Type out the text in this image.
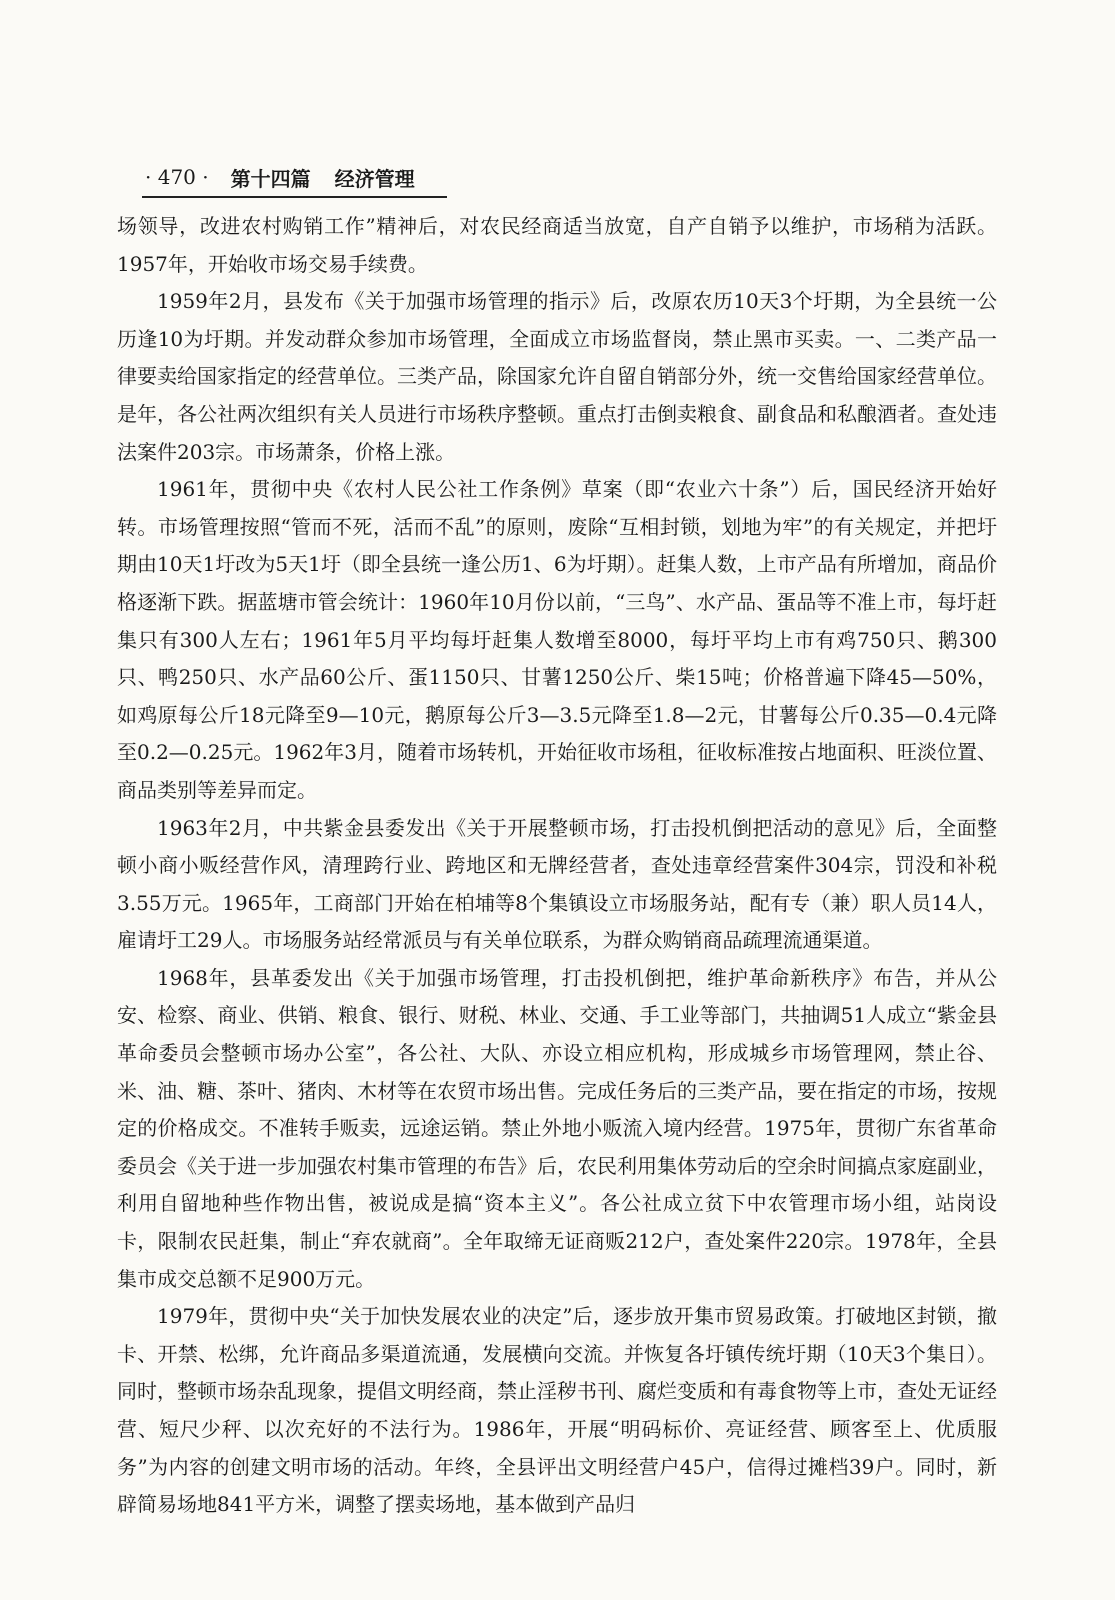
· 470 · 第十四篇 经济管理

场领导，改进农村购销工作”精神后，对农民经商适当放宽，自产自销予以维护，市场稍为活跃。1957年，开始收市场交易手续费。

1959年2月，县发布《关于加强市场管理的指示》后，改原农历10天3个圩期，为全县统一公历逢10为圩期。并发动群众参加市场管理，全面成立市场监督岗，禁止黑市买卖。一、二类产品一律要卖给国家指定的经营单位。三类产品，除国家允许自留自销部分外，统一交售给国家经营单位。是年，各公社两次组织有关人员进行市场秩序整顿。重点打击倒卖粮食、副食品和私酿酒者。查处违法案件203宗。市场萧条，价格上涨。

1961年，贯彻中央《农村人民公社工作条例》草案（即“农业六十条”）后，国民经济开始好转。市场管理按照“管而不死，活而不乱”的原则，废除“互相封锁，划地为牢”的有关规定，并把圩期由10天1圩改为5天1圩（即全县统一逢公历1、6为圩期）。赶集人数，上市产品有所增加，商品价格逐渐下跌。据蓝塘市管会统计：1960年10月份以前，“三鸟”、水产品、蛋品等不准上市，每圩赶集只有300人左右；1961年5月平均每圩赶集人数增至8000，每圩平均上市有鸡750只、鹅300只、鸭250只、水产品60公斤、蛋1150只、甘薯1250公斤、柴15吨；价格普遍下降45—50%，如鸡原每公斤18元降至9—10元，鹅原每公斤3—3.5元降至1.8—2元，甘薯每公斤0.35—0.4元降至0.2—0.25元。1962年3月，随着市场转机，开始征收市场租，征收标准按占地面积、旺淡位置、商品类别等差异而定。

1963年2月，中共紫金县委发出《关于开展整顿市场，打击投机倒把活动的意见》后，全面整顿小商小贩经营作风，清理跨行业、跨地区和无牌经营者，查处违章经营案件304宗，罚没和补税3.55万元。1965年，工商部门开始在柏埔等8个集镇设立市场服务站，配有专（兼）职人员14人，雇请圩工29人。市场服务站经常派员与有关单位联系，为群众购销商品疏理流通渠道。

1968年，县革委发出《关于加强市场管理，打击投机倒把，维护革命新秩序》布告，并从公安、检察、商业、供销、粮食、银行、财税、林业、交通、手工业等部门，共抽调51人成立“紫金县革命委员会整顿市场办公室”，各公社、大队、亦设立相应机构，形成城乡市场管理网，禁止谷、米、油、糖、茶叶、猪肉、木材等在农贸市场出售。完成任务后的三类产品，要在指定的市场，按规定的价格成交。不准转手贩卖，远途运销。禁止外地小贩流入境内经营。1975年，贯彻广东省革命委员会《关于进一步加强农村集市管理的布告》后，农民利用集体劳动后的空余时间搞点家庭副业，利用自留地种些作物出售，被说成是搞“资本主义”。各公社成立贫下中农管理市场小组，站岗设卡，限制农民赶集，制止“弃农就商”。全年取缔无证商贩212户，查处案件220宗。1978年，全县集市成交总额不足900万元。

1979年，贯彻中央“关于加快发展农业的决定”后，逐步放开集市贸易政策。打破地区封锁，撤卡、开禁、松绑，允许商品多渠道流通，发展横向交流。并恢复各圩镇传统圩期（10天3个集日）。同时，整顿市场杂乱现象，提倡文明经商，禁止淫秽书刊、腐烂变质和有毒食物等上市，查处无证经营、短尺少秤、以次充好的不法行为。1986年，开展“明码标价、亮证经营、顾客至上、优质服务”为内容的创建文明市场的活动。年终，全县评出文明经营户45户，信得过摊档39户。同时，新辟简易场地841平方米，调整了摆卖场地，基本做到产品归
